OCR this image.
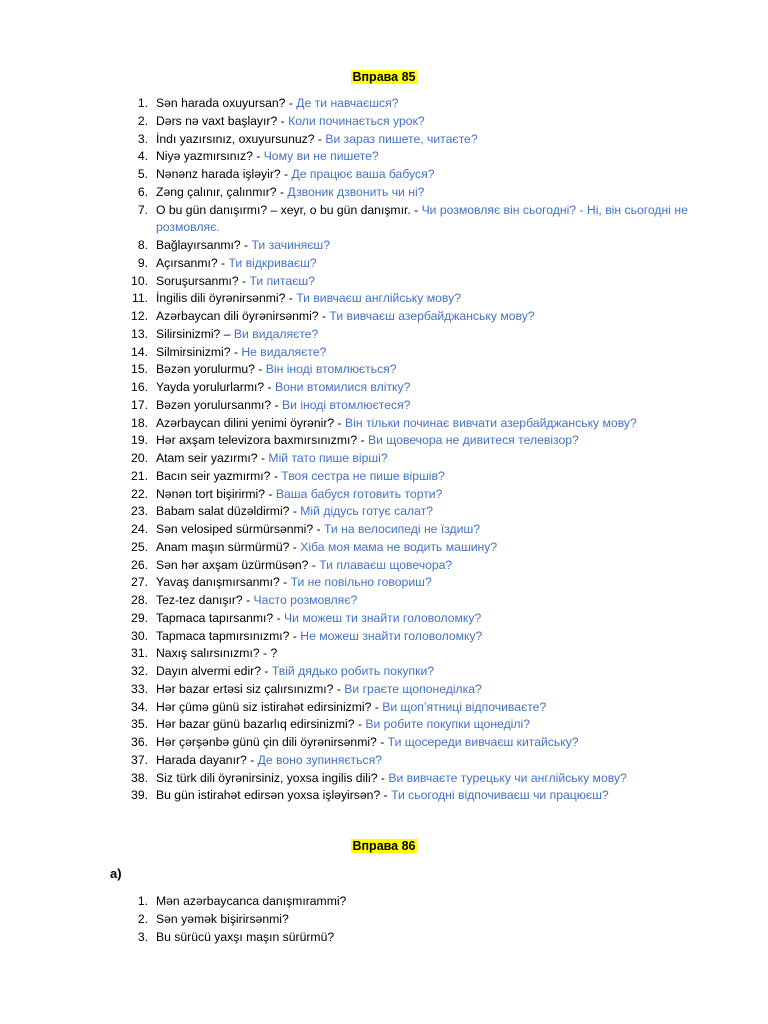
Вправа 85
1. Sən harada oxuyursan? - Де ти навчаєшся?
2. Dərs nə vaxt başlayır? - Коли починається урок?
3. İndı yazırsınız, oxuyursunuz? - Ви зараз пишете, читаєте?
4. Niyə yazmırsınız? - Чому ви не пишете?
5. Nənənz harada işləyir? - Де працює ваша бабуся?
6. Zəng çalınır, çalınmır? - Дзвоник дзвонить чи ні?
7. O bu gün danışırmı? – xeyr, o bu gün danışmır. - Чи розмовляє він сьогодні? - Ні, він сьогодні не розмовляє.
8. Bağlayırsanmı? - Ти зачиняєш?
9. Açırsanmı? - Ти відкриваєш?
10. Soruşursanmı? - Ти питаєш?
11. İngilis dili öyrənirsənmi? - Ти вивчаєш англійську мову?
12. Azərbaycan dili öyrənirsənmi? - Ти вивчаєш азербайджанську мову?
13. Silirsinizmi? – Ви видаляєте?
14. Silmirsinizmi? - Не видаляєте?
15. Bəzən yorulurmu? - Він іноді втомлюється?
16. Yayda yorulurlarmı? - Вони втомилися влітку?
17. Bəzən yorulursanmı? - Ви іноді втомлюєтеся?
18. Azərbaycan dilini yenimi öyrənir? - Він тільки починає вивчати азербайджанську мову?
19. Hər axşam televizora baxmırsınızmı? - Ви щовечора не дивитеся телевізор?
20. Atam seir yazırmı? - Мій тато пише вірші?
21. Bacın seir yazmırmı? - Твоя сестра не пише віршів?
22. Nənən tort bişirirmi? - Ваша бабуся готовить торти?
23. Babam salat düzəldirmi? - Мій дідусь готує салат?
24. Sən velosiped sürmürsənmi? - Ти на велосипеді не їздиш?
25. Anam maşın sürmürmü? - Хіба моя мама не водить машину?
26. Sən hər axşam üzürmüsən? - Ти плаваєш щовечора?
27. Yavaş danışmırsanmı? - Ти не повільно говориш?
28. Tez-tez danışır? - Часто розмовляє?
29. Tapmaca tapırsanmı? - Чи можеш ти знайти головоломку?
30. Tapmaca tapmırsınızmı? - Не можеш знайти головоломку?
31. Naxış salırsınızmı? - ?
32. Dayın alvermi edir? - Твій дядько робить покупки?
33. Hər bazar ertəsi siz çalırsınızmı? - Ви граєте щопонеділка?
34. Hər çümə günü siz istirahət edirsinizmi? - Ви щоп’ятниці відпочиваєте?
35. Hər bazar günü bazarlıq edirsinizmi? - Ви робите покупки щонеділі?
36. Hər çərşənbə günü çin dili öyrənirsənmi? - Ти щосереди вивчаєш китайську?
37. Harada dayanır? - Де воно зупиняється?
38. Siz türk dili öyrənirsiniz, yoxsa ingilis dili? - Ви вивчаєте турецьку чи англійську мову?
39. Bu gün istirahət edirsən yoxsa işləyirsən? - Ти сьогодні відпочиваєш чи працюєш?
Вправа 86
a)
1. Mən azərbaycanca danışmırammi?
2. Sən yəmək bişirirsənmi?
3. Bu sürücü yaxşı maşın sürürmü?
